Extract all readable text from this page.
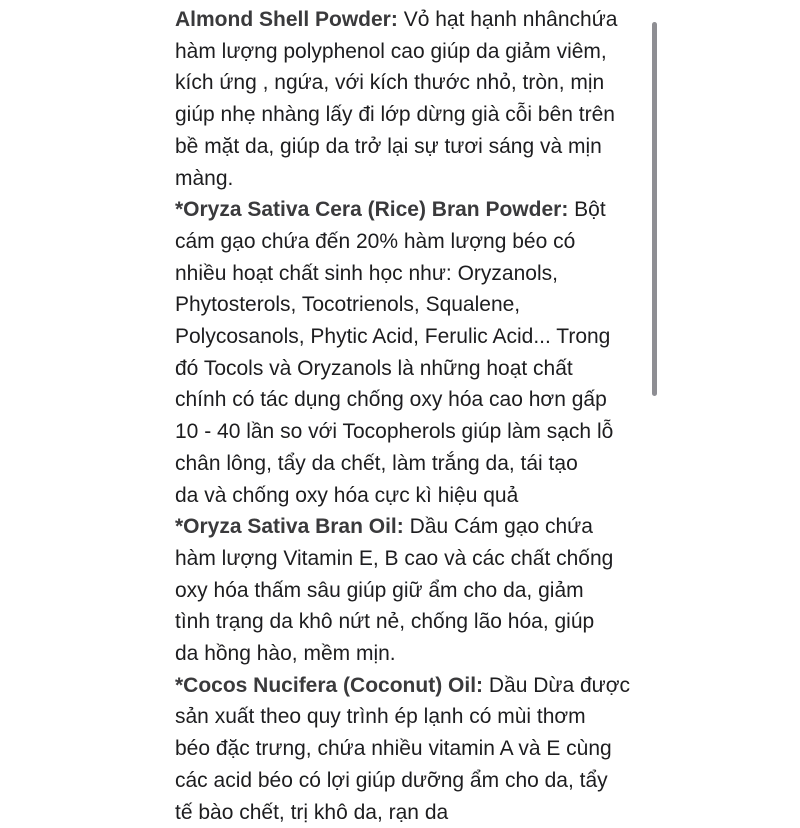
Almond Shell Powder: Vỏ hạt hạnh nhânchứa
hàm lượng polyphenol cao giúp da giảm viêm,
kích ứng , ngứa, với kích thước nhỏ, tròn, mịn
giúp nhẹ nhàng lấy đi lớp dừng già cỗi bên trên
bề mặt da, giúp da trở lại sự tươi sáng và mịn
màng.
*Oryza Sativa Cera (Rice) Bran Powder: Bột
cám gạo chứa đến 20% hàm lượng béo có
nhiều hoạt chất sinh học như: Oryzanols,
Phytosterols, Tocotrienols, Squalene,
Polycosanols, Phytic Acid, Ferulic Acid... Trong
đó Tocols và Oryzanols là những hoạt chất
chính có tác dụng chống oxy hóa cao hơn gấp
10 - 40 lần so với Tocopherols giúp làm sạch lỗ
chân lông, tẩy da chết, làm trắng da, tái tạo
da và chống oxy hóa cực kì hiệu quả
*Oryza Sativa Bran Oil: Dầu Cám gạo chứa
hàm lượng Vitamin E, B cao và các chất chống
oxy hóa thấm sâu giúp giữ ẩm cho da, giảm
tình trạng da khô nứt nẻ, chống lão hóa, giúp
da hồng hào, mềm mịn.
*Cocos Nucifera (Coconut) Oil: Dầu Dừa được
sản xuất theo quy trình ép lạnh có mùi thơm
béo đặc trưng, chứa nhiều vitamin A và E cùng
các acid béo có lợi giúp dưỡng ẩm cho da, tẩy
tế bào chết, trị khô da, rạn da
